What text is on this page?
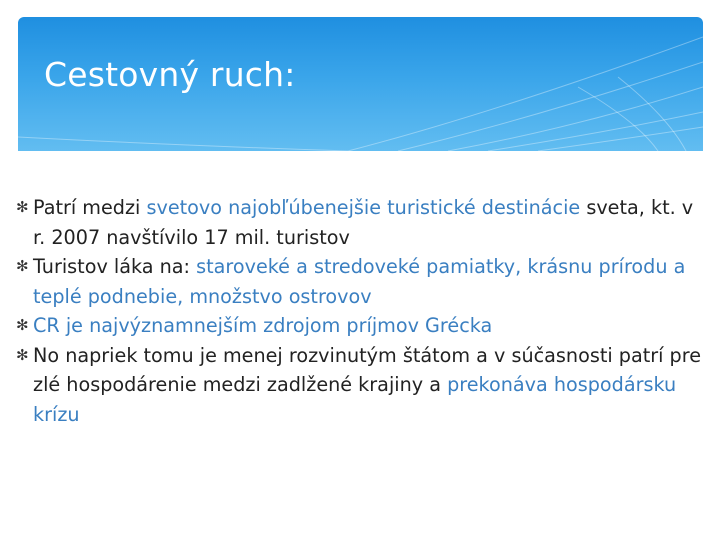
Cestovný ruch:
✻ Patrí medzi svetovo najobľúbenejšie turistické destinácie sveta, kt. v r. 2007 navštívilo 17 mil. turistov
✻ Turistov láka na: staroveké a stredoveké pamiatky, krásnu prírodu a teplé podnebie, množstvo ostrovov
✻ CR je najvýznamnejším zdrojom príjmov Grécka
✻ No napriek tomu je menej rozvinutým štátom a v súčasnosti patrí pre zlé hospodárenie medzi zadlžené krajiny a prekonáva hospodársku krízu
